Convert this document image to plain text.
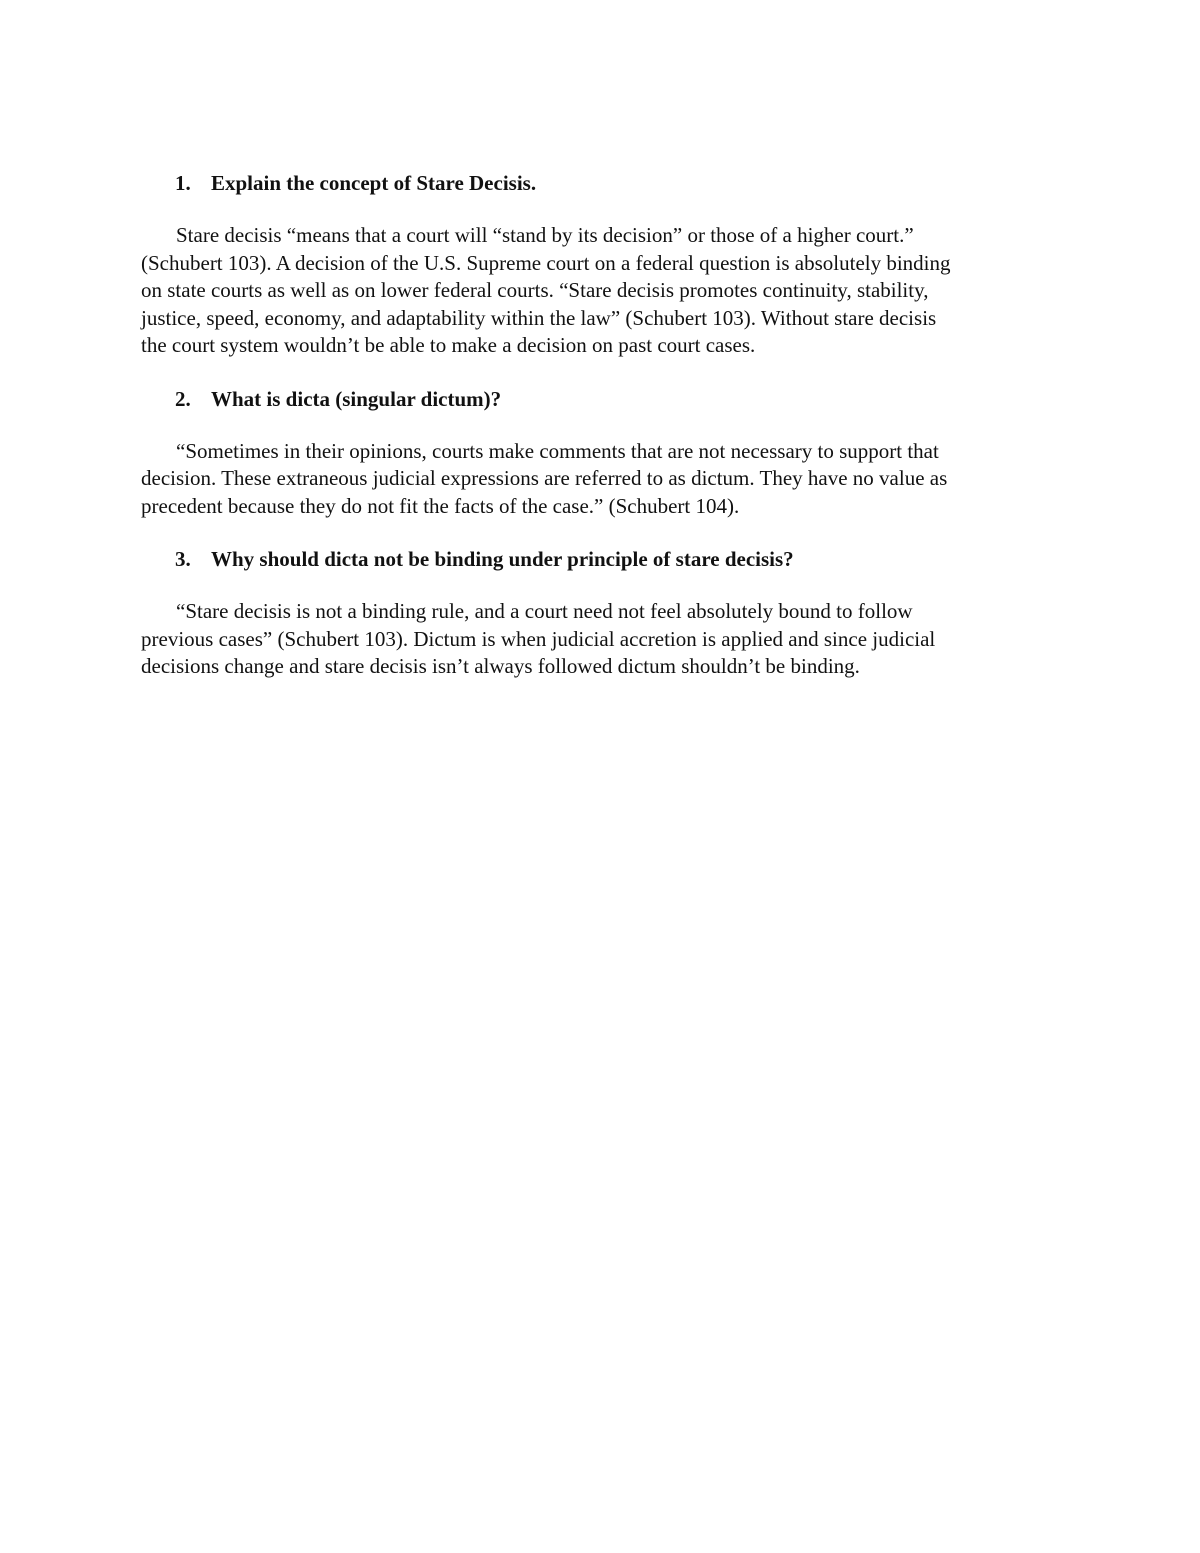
1. Explain the concept of Stare Decisis.

Stare decisis “means that a court will “stand by its decision” or those of a higher court.”
(Schubert 103). A decision of the U.S. Supreme court on a federal question is absolutely binding
on state courts as well as on lower federal courts. “Stare decisis promotes continuity, stability,
justice, speed, economy, and adaptability within the law” (Schubert 103). Without stare decisis
the court system wouldn’t be able to make a decision on past court cases.

2. What is dicta (singular dictum)?

“Sometimes in their opinions, courts make comments that are not necessary to support that
decision. These extraneous judicial expressions are referred to as dictum. They have no value as
precedent because they do not fit the facts of the case.” (Schubert 104).

3. Why should dicta not be binding under principle of stare decisis?

“Stare decisis is not a binding rule, and a court need not feel absolutely bound to follow
previous cases” (Schubert 103). Dictum is when judicial accretion is applied and since judicial
decisions change and stare decisis isn’t always followed dictum shouldn’t be binding.
